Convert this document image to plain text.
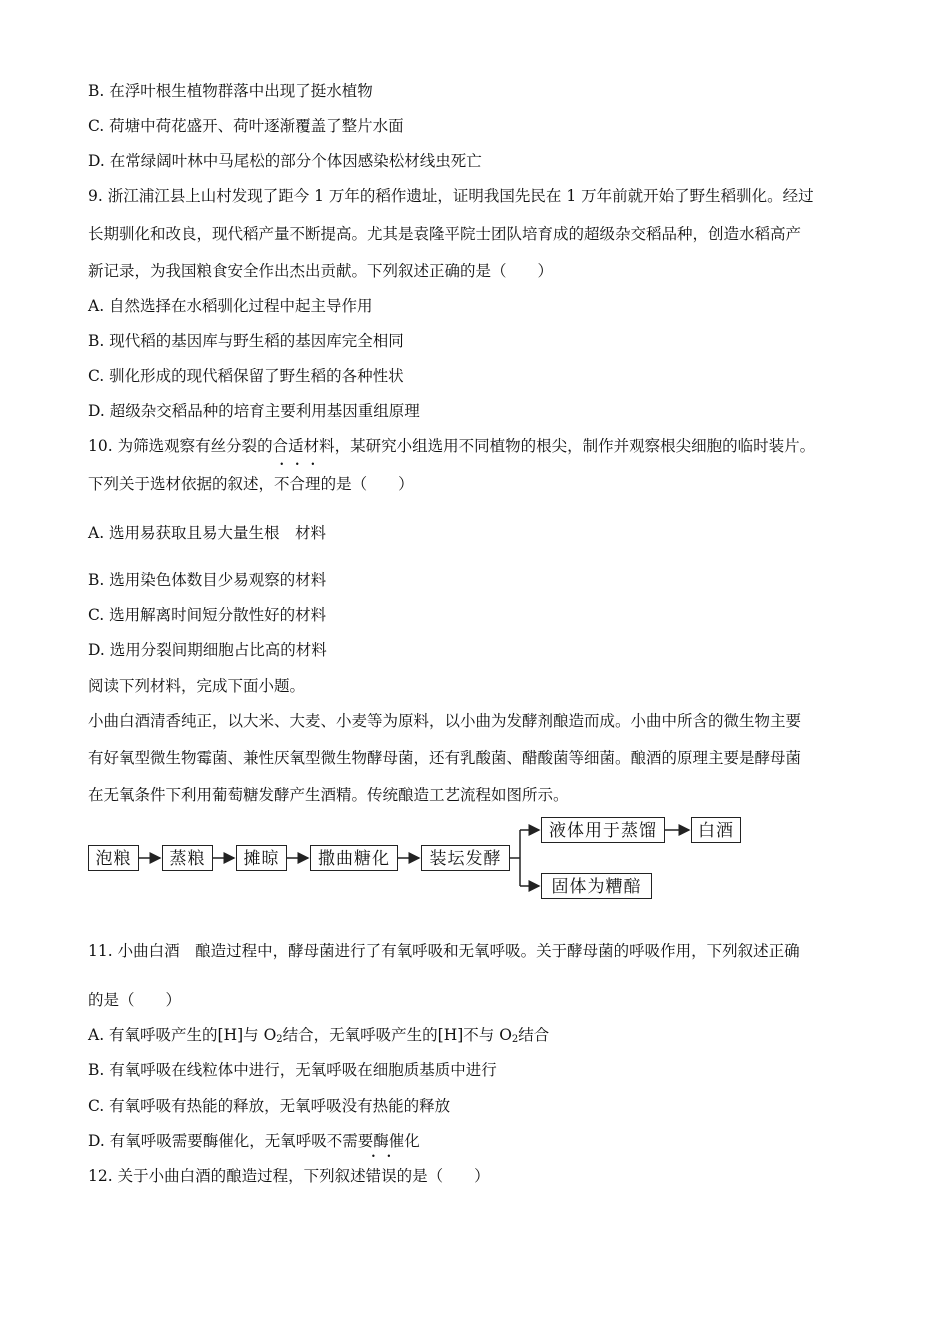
B. 在浮叶根生植物群落中出现了挺水植物
C. 荷塘中荷花盛开、荷叶逐渐覆盖了整片水面
D. 在常绿阔叶林中马尾松的部分个体因感染松材线虫死亡
9. 浙江浦江县上山村发现了距今 1 万年的稻作遗址，证明我国先民在 1 万年前就开始了野生稻驯化。经过
长期驯化和改良，现代稻产量不断提高。尤其是袁隆平院士团队培育成的超级杂交稻品种，创造水稻高产
新记录，为我国粮食安全作出杰出贡献。下列叙述正确的是（　　）
A. 自然选择在水稻驯化过程中起主导作用
B. 现代稻的基因库与野生稻的基因库完全相同
C. 驯化形成的现代稻保留了野生稻的各种性状
D. 超级杂交稻品种的培育主要利用基因重组原理
10. 为筛选观察有丝分裂的合适材料，某研究小组选用不同植物的根尖，制作并观察根尖细胞的临时装片。
下列关于选材依据的叙述，不合理的是（　　）
A. 选用易获取且易大量生根　材料
B. 选用染色体数目少易观察的材料
C. 选用解离时间短分散性好的材料
D. 选用分裂间期细胞占比高的材料
阅读下列材料，完成下面小题。
小曲白酒清香纯正，以大米、大麦、小麦等为原料，以小曲为发酵剂酿造而成。小曲中所含的微生物主要
有好氧型微生物霉菌、兼性厌氧型微生物酵母菌，还有乳酸菌、醋酸菌等细菌。酿酒的原理主要是酵母菌
在无氧条件下利用葡萄糖发酵产生酒精。传统酿造工艺流程如图所示。
泡粮	蒸粮	摊晾	撒曲糖化	装坛发酵
液体用于蒸馏	白酒
固体为糟醅
11. 小曲白酒　酿造过程中，酵母菌进行了有氧呼吸和无氧呼吸。关于酵母菌的呼吸作用，下列叙述正确
的是（　　）
A. 有氧呼吸产生的[H]与 $O_2$结合，无氧呼吸产生的[H]不与 $O_2$结合
B. 有氧呼吸在线粒体中进行，无氧呼吸在细胞质基质中进行
C. 有氧呼吸有热能的释放，无氧呼吸没有热能的释放
D. 有氧呼吸需要酶催化，无氧呼吸不需要酶催化
12. 关于小曲白酒的酿造过程，下列叙述错误的是（　　）
